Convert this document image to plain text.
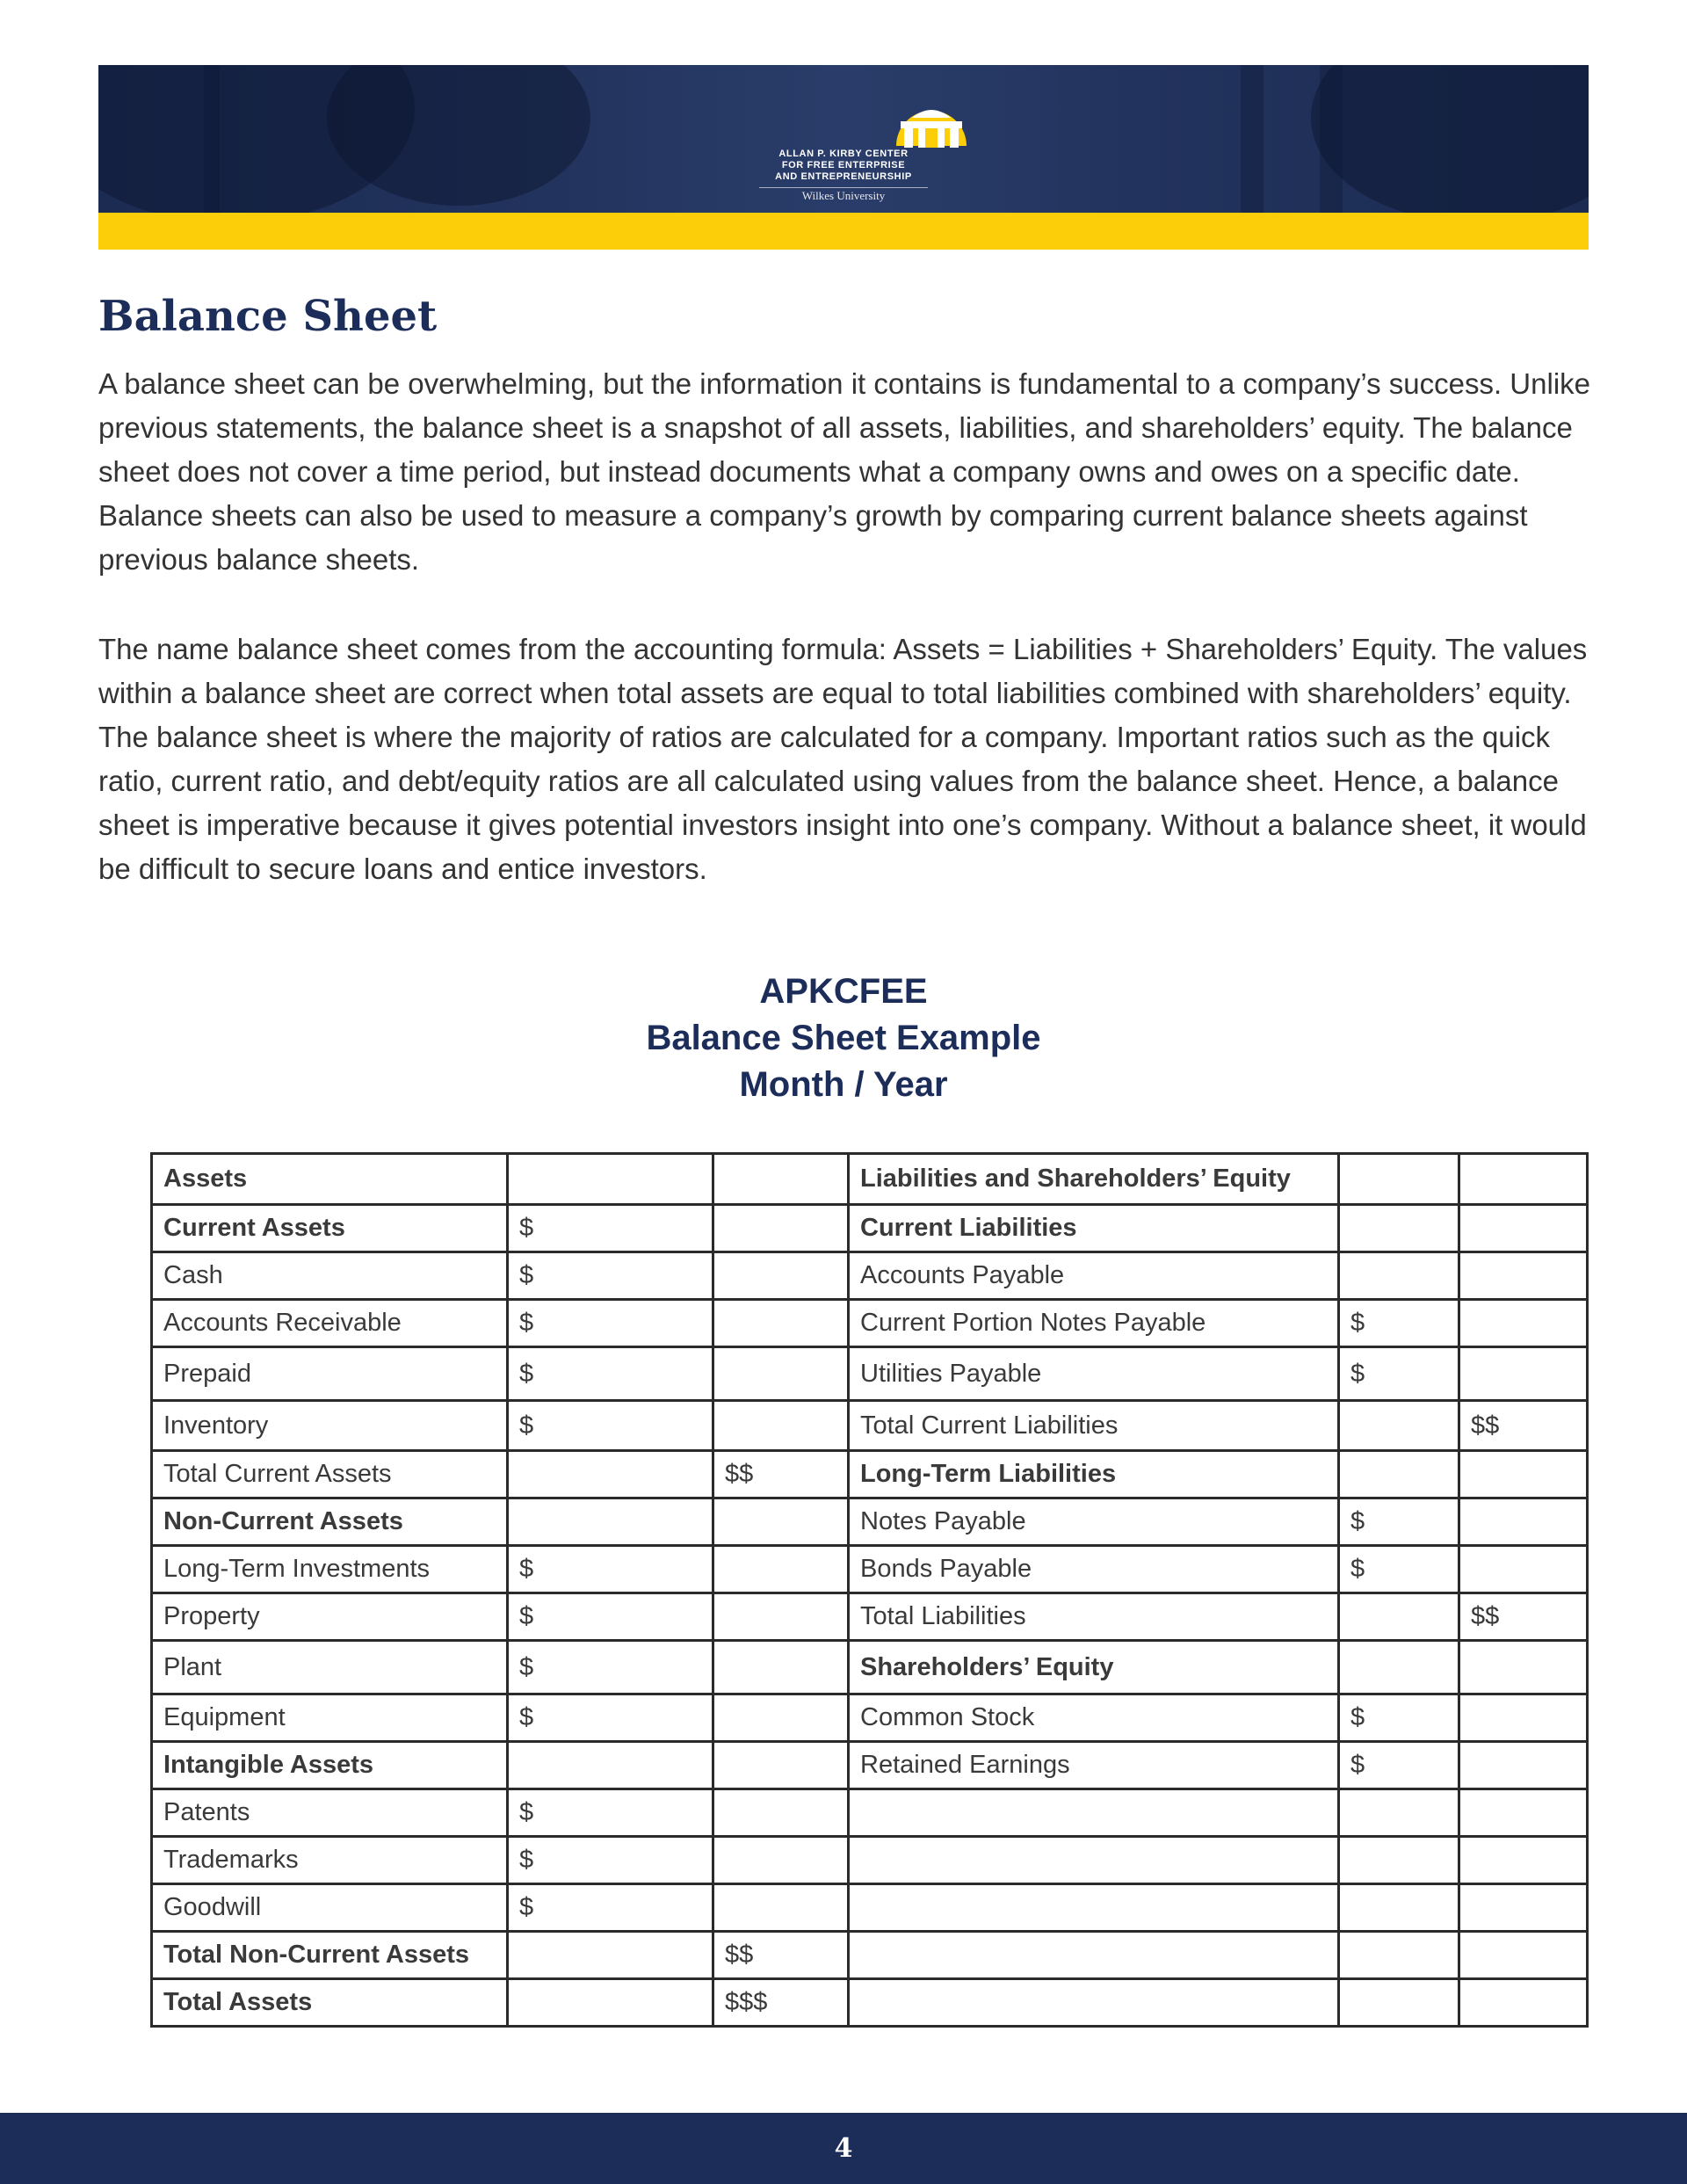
ALLAN P. KIRBY CENTER
FOR FREE ENTERPRISE
AND ENTREPRENEURSHIP
Wilkes University
Balance Sheet

A balance sheet can be overwhelming, but the information it contains is fundamental to a company’s success. Unlike previous statements, the balance sheet is a snapshot of all assets, liabilities, and shareholders’ equity. The balance sheet does not cover a time period, but instead documents what a company owns and owes on a specific date. Balance sheets can also be used to measure a company’s growth by comparing current balance sheets against previous balance sheets.

The name balance sheet comes from the accounting formula: Assets = Liabilities + Shareholders’ Equity. The values within a balance sheet are correct when total assets are equal to total liabilities combined with shareholders’ equity. The balance sheet is where the majority of ratios are calculated for a company. Important ratios such as the quick ratio, current ratio, and debt/equity ratios are all calculated using values from the balance sheet. Hence, a balance sheet is imperative because it gives potential investors insight into one’s company. Without a balance sheet, it would be difficult to secure loans and entice investors.

APKCFEE
Balance Sheet Example
Month / Year
Assets			Liabilities and Shareholders’ Equity		
Current Assets	$		Current Liabilities		
Cash	$		Accounts Payable		
Accounts Receivable	$		Current Portion Notes Payable	$	
Prepaid	$		Utilities Payable	$	
Inventory	$		Total Current Liabilities		$$
Total Current Assets		$$	Long-Term Liabilities		
Non-Current Assets			Notes Payable	$	
Long-Term Investments	$		Bonds Payable	$	
Property	$		Total Liabilities		$$
Plant	$		Shareholders’ Equity		
Equipment	$		Common Stock	$	
Intangible Assets			Retained Earnings	$	
Patents	$				
Trademarks	$				
Goodwill	$				
Total Non-Current Assets		$$			
Total Assets		$$$			
4
